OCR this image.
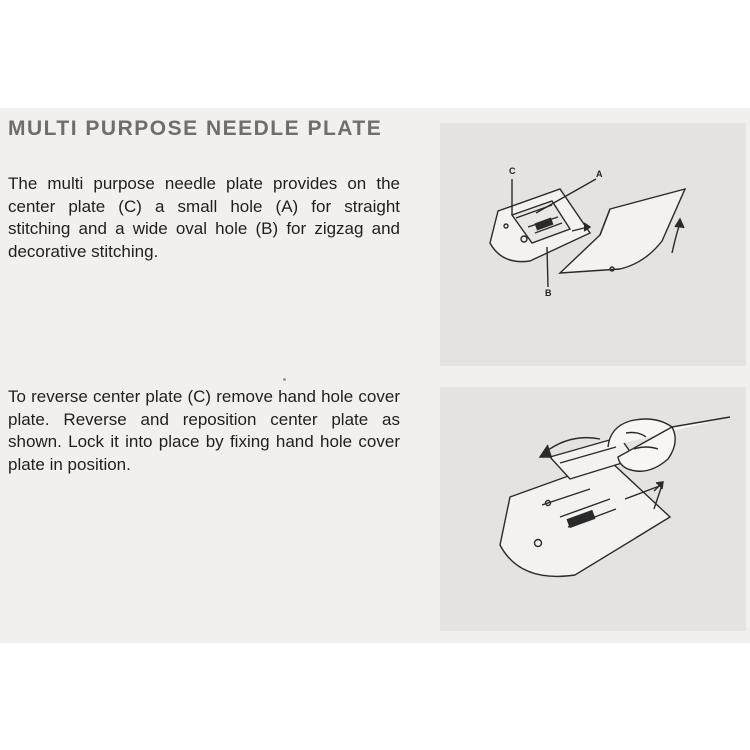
MULTI PURPOSE NEEDLE PLATE

The multi purpose needle plate provides on the center plate (C) a small hole (A) for straight stitching and a wide oval hole (B) for zigzag and decorative stitching.

To reverse center plate (C) remove hand hole cover plate. Reverse and reposition center plate as shown. Lock it into place by fixing hand hole cover plate in position.

C	A
B
